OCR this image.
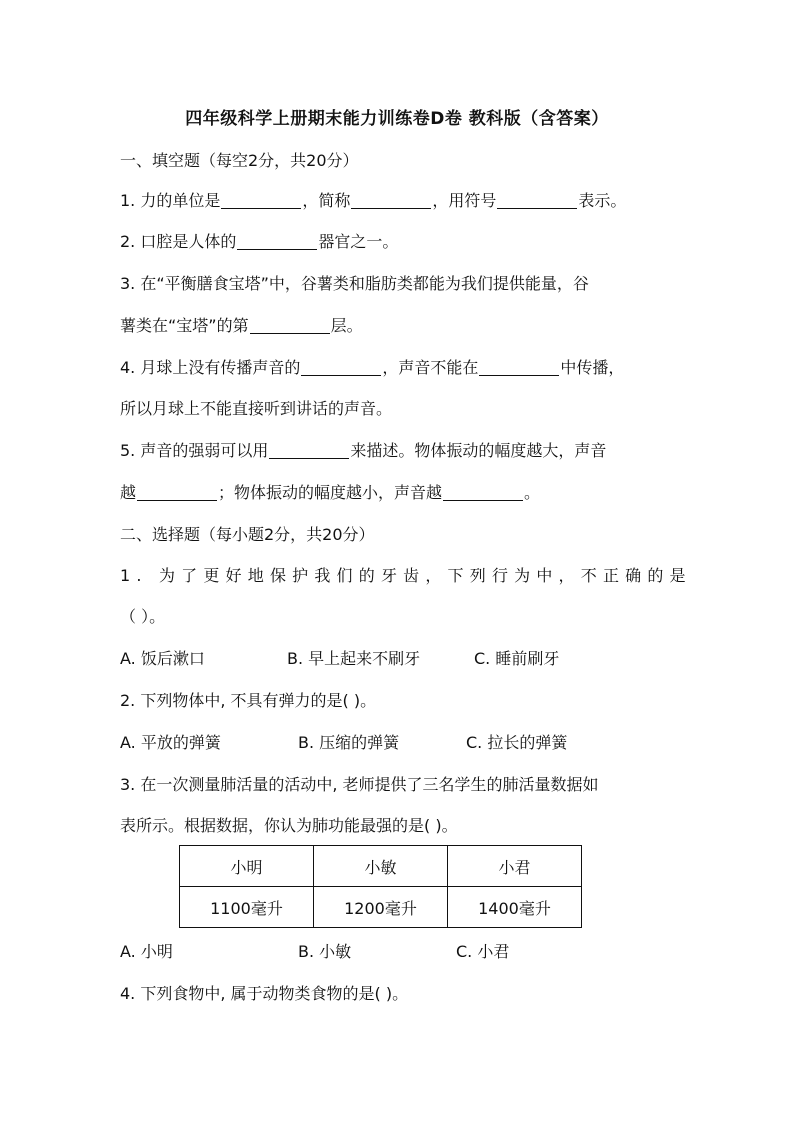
四年级科学上册期末能力训练卷D卷 教科版（含答案）
一、填空题（每空2分，共20分）
1. 力的单位是	，简称	，用符号	表示。
2. 口腔是人体的	器官之一。
3. 在“平衡膳食宝塔”中，谷薯类和脂肪类都能为我们提供能量，谷
薯类在“宝塔”的第	层。
4. 月球上没有传播声音的	，声音不能在	中传播，
所以月球上不能直接听到讲话的声音。
5. 声音的强弱可以用	来描述。物体振动的幅度越大，声音
越	；物体振动的幅度越小，声音越	。
二、选择题（每小题2分，共20分）
1. 为了更好地保护我们的牙齿，下列行为中，不正确的是
（ ）。
A. 饭后漱口	B. 早上起来不刷牙	C. 睡前刷牙
2. 下列物体中, 不具有弹力的是( )。
A. 平放的弹簧	B. 压缩的弹簧	C. 拉长的弹簧
3. 在一次测量肺活量的活动中, 老师提供了三名学生的肺活量数据如
表所示。根据数据，你认为肺功能最强的是( )。
小明	小敏	小君
1100毫升	1200毫升	1400毫升
A. 小明	B. 小敏	C. 小君
4. 下列食物中, 属于动物类食物的是( )。
